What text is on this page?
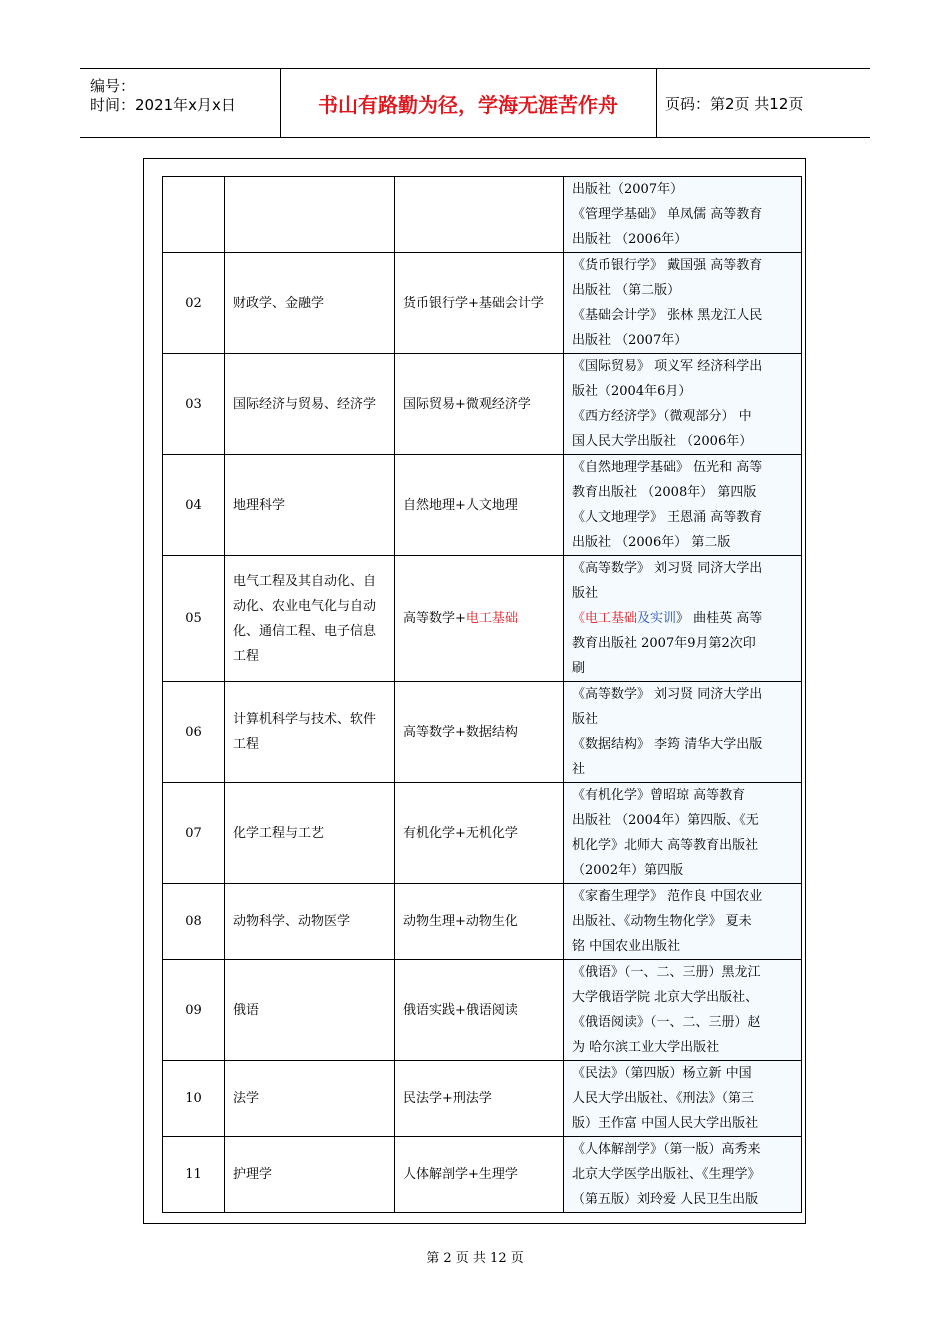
编号：
时间：2021年x月x日	书山有路勤为径，学海无涯苦作舟	页码：第2页 共12页

			出版社（2007年）
《管理学基础》 单凤儒 高等教育
出版社 （2006年）

02	财政学、金融学	货币银行学+基础会计学	《货币银行学》 戴国强 高等教育
出版社 （第二版）
《基础会计学》 张林 黑龙江人民
出版社 （2007年）

03	国际经济与贸易、经济学	国际贸易+微观经济学	《国际贸易》 项义军 经济科学出
版社（2004年6月）
《西方经济学》（微观部分） 中
国人民大学出版社 （2006年）

04	地理科学	自然地理+人文地理	《自然地理学基础》 伍光和 高等
教育出版社 （2008年） 第四版
《人文地理学》 王恩涌 高等教育
出版社 （2006年） 第二版

05	电气工程及其自动化、自动化、农业电气化与自动化、通信工程、电子信息工程	高等数学+电工基础	《高等数学》 刘习贤 同济大学出
版社
《电工基础及实训》 曲桂英 高等
教育出版社 2007年9月第2次印
刷

06	计算机科学与技术、软件工程	高等数学+数据结构	《高等数学》 刘习贤 同济大学出
版社
《数据结构》 李筠 清华大学出版
社

07	化学工程与工艺	有机化学+无机化学	《有机化学》曾昭琼 高等教育
出版社 （2004年）第四版、《无
机化学》北师大 高等教育出版社
（2002年）第四版

08	动物科学、动物医学	动物生理+动物生化	《家畜生理学》 范作良 中国农业
出版社、《动物生物化学》 夏未
铭 中国农业出版社

09	俄语	俄语实践+俄语阅读	《俄语》（一、二、三册）黑龙江
大学俄语学院 北京大学出版社、
《俄语阅读》（一、二、三册）赵
为 哈尔滨工业大学出版社

10	法学	民法学+刑法学	《民法》（第四版）杨立新 中国
人民大学出版社、《刑法》（第三
版）王作富 中国人民大学出版社

11	护理学	人体解剖学+生理学	《人体解剖学》（第一版）高秀来
北京大学医学出版社、《生理学》
（第五版）刘玲爱 人民卫生出版
第 2 页 共 12 页
